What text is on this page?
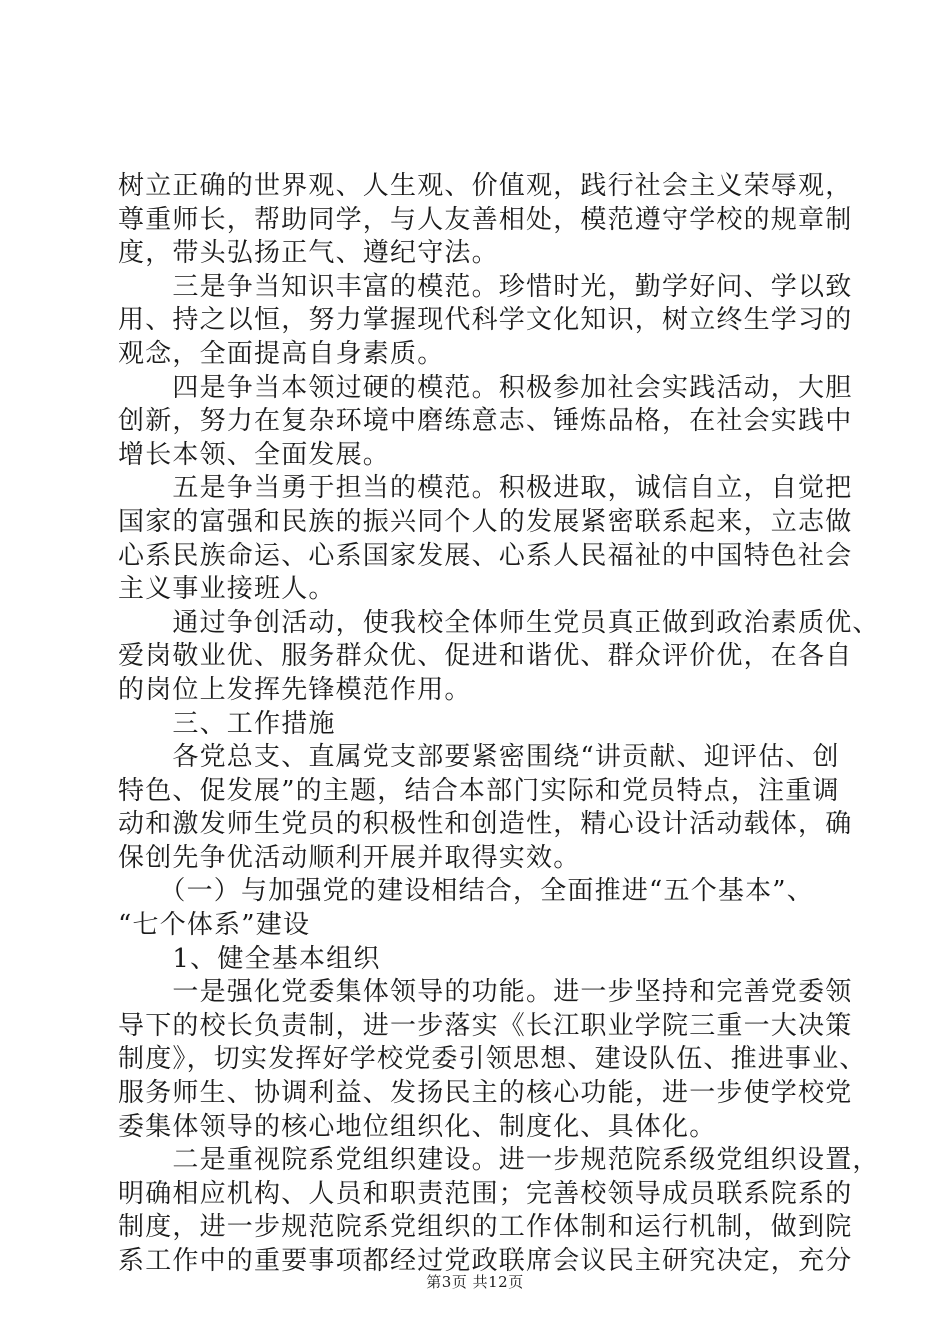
树立正确的世界观、人生观、价值观，践行社会主义荣辱观，
尊重师长，帮助同学，与人友善相处，模范遵守学校的规章制
度，带头弘扬正气、遵纪守法。
　　三是争当知识丰富的模范。珍惜时光，勤学好问、学以致
用、持之以恒，努力掌握现代科学文化知识，树立终生学习的
观念，全面提高自身素质。
　　四是争当本领过硬的模范。积极参加社会实践活动，大胆
创新，努力在复杂环境中磨练意志、锤炼品格，在社会实践中
增长本领、全面发展。
　　五是争当勇于担当的模范。积极进取，诚信自立，自觉把
国家的富强和民族的振兴同个人的发展紧密联系起来，立志做
心系民族命运、心系国家发展、心系人民福祉的中国特色社会
主义事业接班人。
　　通过争创活动，使我校全体师生党员真正做到政治素质优、
爱岗敬业优、服务群众优、促进和谐优、群众评价优，在各自
的岗位上发挥先锋模范作用。
　　三、工作措施
　　各党总支、直属党支部要紧密围绕“讲贡献、迎评估、创
特色、促发展”的主题，结合本部门实际和党员特点，注重调
动和激发师生党员的积极性和创造性，精心设计活动载体，确
保创先争优活动顺利开展并取得实效。
　　（一）与加强党的建设相结合，全面推进“五个基本”、
“七个体系”建设
　　1、健全基本组织
　　一是强化党委集体领导的功能。进一步坚持和完善党委领
导下的校长负责制，进一步落实《长江职业学院三重一大决策
制度》，切实发挥好学校党委引领思想、建设队伍、推进事业、
服务师生、协调利益、发扬民主的核心功能，进一步使学校党
委集体领导的核心地位组织化、制度化、具体化。
　　二是重视院系党组织建设。进一步规范院系级党组织设置，
明确相应机构、人员和职责范围；完善校领导成员联系院系的
制度，进一步规范院系党组织的工作体制和运行机制，做到院
系工作中的重要事项都经过党政联席会议民主研究决定，充分
第3页 共12页
